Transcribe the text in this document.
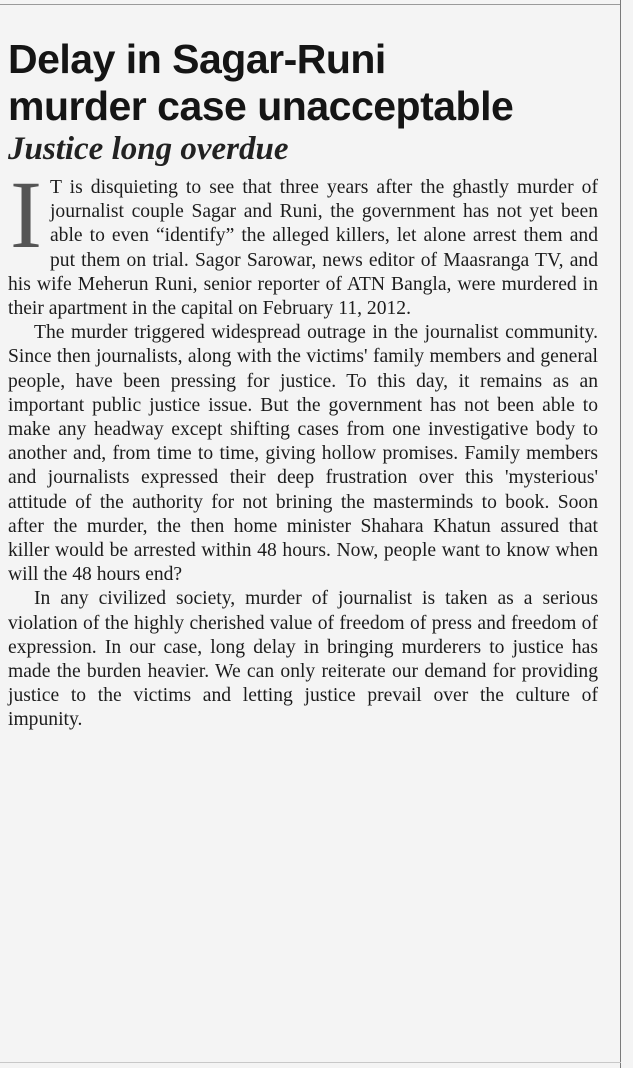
Delay in Sagar-Runi
murder case unacceptable
Justice long overdue

I T is disquieting to see that three years after the ghastly murder of journalist couple Sagar and Runi, the government has not yet been able to even “identify” the alleged killers, let alone arrest them and put them on trial. Sagor Sarowar, news editor of Maasranga TV, and his wife Meherun Runi, senior reporter of ATN Bangla, were murdered in their apartment in the capital on February 11, 2012.

The murder triggered widespread outrage in the journalist community. Since then journalists, along with the victims' family members and general people, have been pressing for justice. To this day, it remains as an important public justice issue. But the government has not been able to make any headway except shifting cases from one investigative body to another and, from time to time, giving hollow promises. Family members and journalists expressed their deep frustration over this 'mysterious' attitude of the authority for not brining the masterminds to book. Soon after the murder, the then home minister Shahara Khatun assured that killer would be arrested within 48 hours. Now, people want to know when will the 48 hours end?

In any civilized society, murder of journalist is taken as a serious violation of the highly cherished value of freedom of press and freedom of expression. In our case, long delay in bringing murderers to justice has made the burden heavier. We can only reiterate our demand for providing justice to the victims and letting justice prevail over the culture of impunity.
